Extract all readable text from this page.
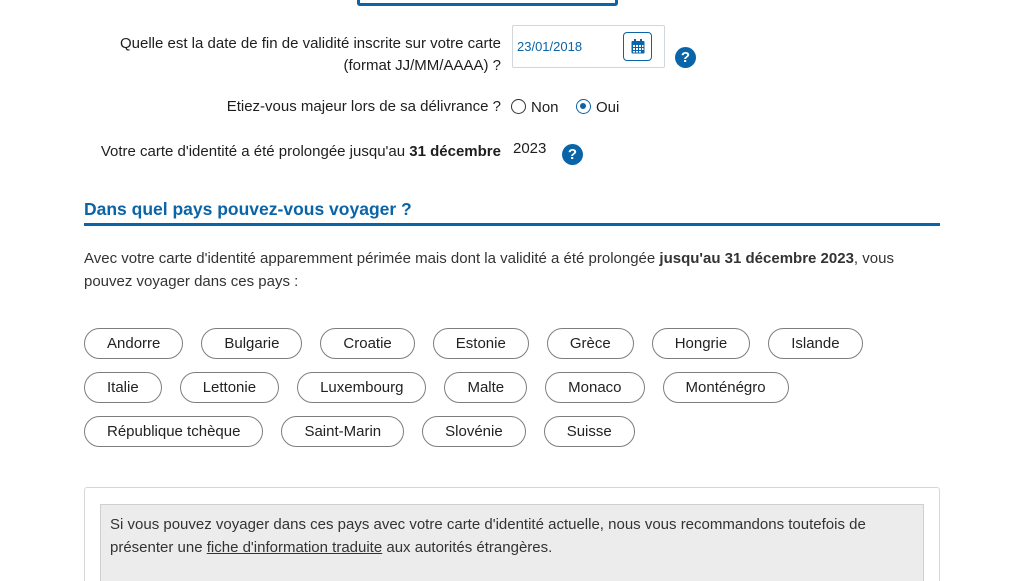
Quelle est la date de fin de validité inscrite sur votre carte
(format JJ/MM/AAAA) ?
23/01/2018
?
Etiez-vous majeur lors de sa délivrance ? Non Oui
Votre carte d'identité a été prolongée jusqu'au 31 décembre 2023	?
Dans quel pays pouvez-vous voyager ?
Avec votre carte d'identité apparemment périmée mais dont la validité a été prolongée jusqu'au 31 décembre 2023, vous pouvez voyager dans ces pays :
Andorre	Bulgarie	Croatie	Estonie	Grèce	Hongrie	Islande
Italie	Lettonie	Luxembourg	Malte	Monaco	Monténégro
République tchèque	Saint-Marin	Slovénie	Suisse
Si vous pouvez voyager dans ces pays avec votre carte d'identité actuelle, nous vous recommandons toutefois de présenter une fiche d'information traduite aux autorités étrangères.
